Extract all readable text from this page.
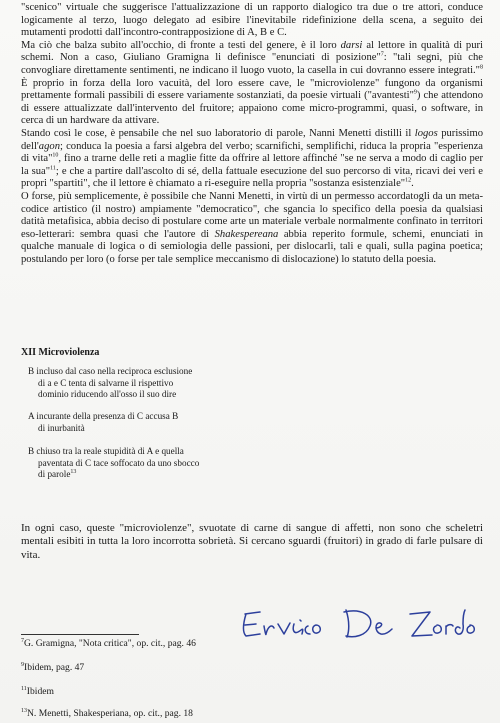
"scenico" virtuale che suggerisce l'attualizzazione di un rapporto dialogico tra due o tre attori, conduce logicamente al terzo, luogo delegato ad esibire l'inevitabile ridefinizione della scena, a seguito dei mutamenti prodotti dall'incontro-contrapposizione di A, B e C.

Ma ciò che balza subito all'occhio, di fronte a testi del genere, è il loro darsi al lettore in qualità di puri schemi. Non a caso, Giuliano Gramigna li definisce "enunciati di posizione"$^7$: "tali segni, più che convogliare direttamente sentimenti, ne indicano il luogo vuoto, la casella in cui dovranno essere integrati."$^8$ È proprio in forza della loro vacuità, del loro essere cave, le "microviolenze" fungono da organismi prettamente formali passibili di essere variamente sostanziati, da poesie virtuali ("avantesti"$^9$) che attendono di essere attualizzate dall'intervento del fruitore; appaiono come micro-programmi, quasi, o software, in cerca di un hardware da attivare.

Stando così le cose, è pensabile che nel suo laboratorio di parole, Nanni Menetti distilli il logos purissimo dell'agon; conduca la poesia a farsi algebra del verbo; scarnifichi, semplifichi, riduca la propria "esperienza di vita"$^{10}$, fino a trarne delle reti a maglie fitte da offrire al lettore affinché "se ne serva a modo di caglio per la sua"$^{11}$; e che a partire dall'ascolto di sé, della fattuale esecuzione del suo percorso di vita, ricavi dei veri e propri "spartiti", che il lettore è chiamato a ri-eseguire nella propria "sostanza esistenziale"$^{12}$.

O forse, più semplicemente, è possibile che Nanni Menetti, in virtù di un permesso accordatogli da un meta-codice artistico (il nostro) ampiamente "democratico", che sgancia lo specifico della poesia da qualsiasi datità metafisica, abbia deciso di postulare come arte un materiale verbale normalmente confinato in territori eso-letterari: sembra quasi che l'autore di Shakespereana abbia reperito formule, schemi, enunciati in qualche manuale di logica o di semiologia delle passioni, per dislocarli, tali e quali, sulla pagina poetica; postulando per loro (o forse per tale semplice meccanismo di dislocazione) lo statuto della poesia.

XII Microviolenza
B incluso dal caso nella reciproca esclusione
di a e C tenta di salvarne il rispettivo
dominio riducendo all'osso il suo dire
A incurante della presenza di C accusa B
di inurbanità
B chiuso tra la reale stupidità di A e quella
paventata di C tace soffocato da uno sbocco
di parole$^{13}$
In ogni caso, queste "microviolenze", svuotate di carne di sangue di affetti, non sono che scheletri mentali esibiti in tutta la loro incorrotta sobrietà. Si cercano sguardi (fruitori) in grado di farle pulsare di vita.
$^7$G. Gramigna, "Nota critica", op. cit., pag. 46
$^9$Ibidem, pag. 47
$^{11}$Ibidem
$^{13}$N. Menetti, Shakesperiana, op. cit., pag. 18
